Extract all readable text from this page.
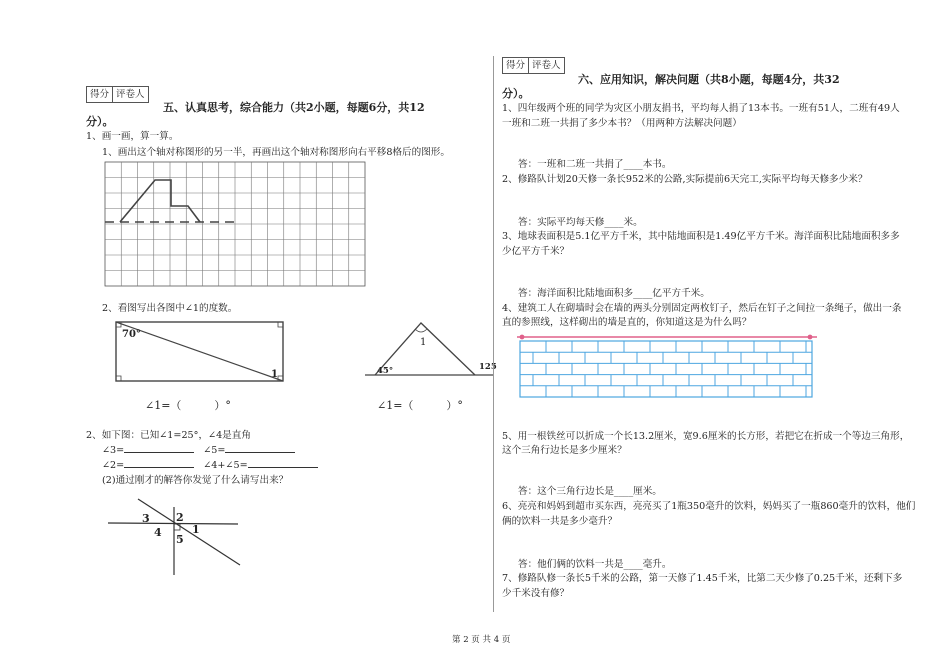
得分 评卷人
五、认真思考，综合能力（共2小题，每题6分，共12
分）。
1、画一画，算一算。
1、画出这个轴对称图形的另一半，再画出这个轴对称图形向右平移8格后的图形。
2、看图写出各图中∠1的度数。
70°
1
1
45°	125
∠1=（　　　）°	∠1=（　　　）°
2、如下图：已知∠1=25°，∠4是直角
∠3=	∠5=
∠2=	∠4+∠5=
(2)通过刚才的解答你发觉了什么请写出来？
3 2
1
4
5
得分 评卷人
六、应用知识，解决问题（共8小题，每题4分，共32
分）。
1、四年级两个班的同学为灾区小朋友捐书，平均每人捐了13本书。一班有51人，二班有49人
一班和二班一共捐了多少本书？（用两种方法解决问题）
答：一班和二班一共捐了____本书。
2、修路队计划20天修一条长952米的公路,实际提前6天完工,实际平均每天修多少米？
答：实际平均每天修____米。
3、地球表面积是5.1亿平方千米，其中陆地面积是1.49亿平方千米。海洋面积比陆地面积多多
少亿平方千米？
答：海洋面积比陆地面积多____亿平方千米。
4、建筑工人在砌墙时会在墙的两头分别固定两枚钉子，然后在钉子之间拉一条绳子，做出一条
直的参照线，这样砌出的墙是直的，你知道这是为什么吗？
5、用一根铁丝可以折成一个长13.2厘米，宽9.6厘米的长方形，若把它在折成一个等边三角形，
这个三角行边长是多少厘米？
答：这个三角行边长是____厘米。
6、亮亮和妈妈到超市买东西，亮亮买了1瓶350毫升的饮料，妈妈买了一瓶860毫升的饮料，他们
俩的饮料一共是多少毫升？
答：他们俩的饮料一共是____毫升。
7、修路队修一条长5千米的公路，第一天修了1.45千米，比第二天少修了0.25千米，还剩下多
少千米没有修？
第 2 页 共 4 页
